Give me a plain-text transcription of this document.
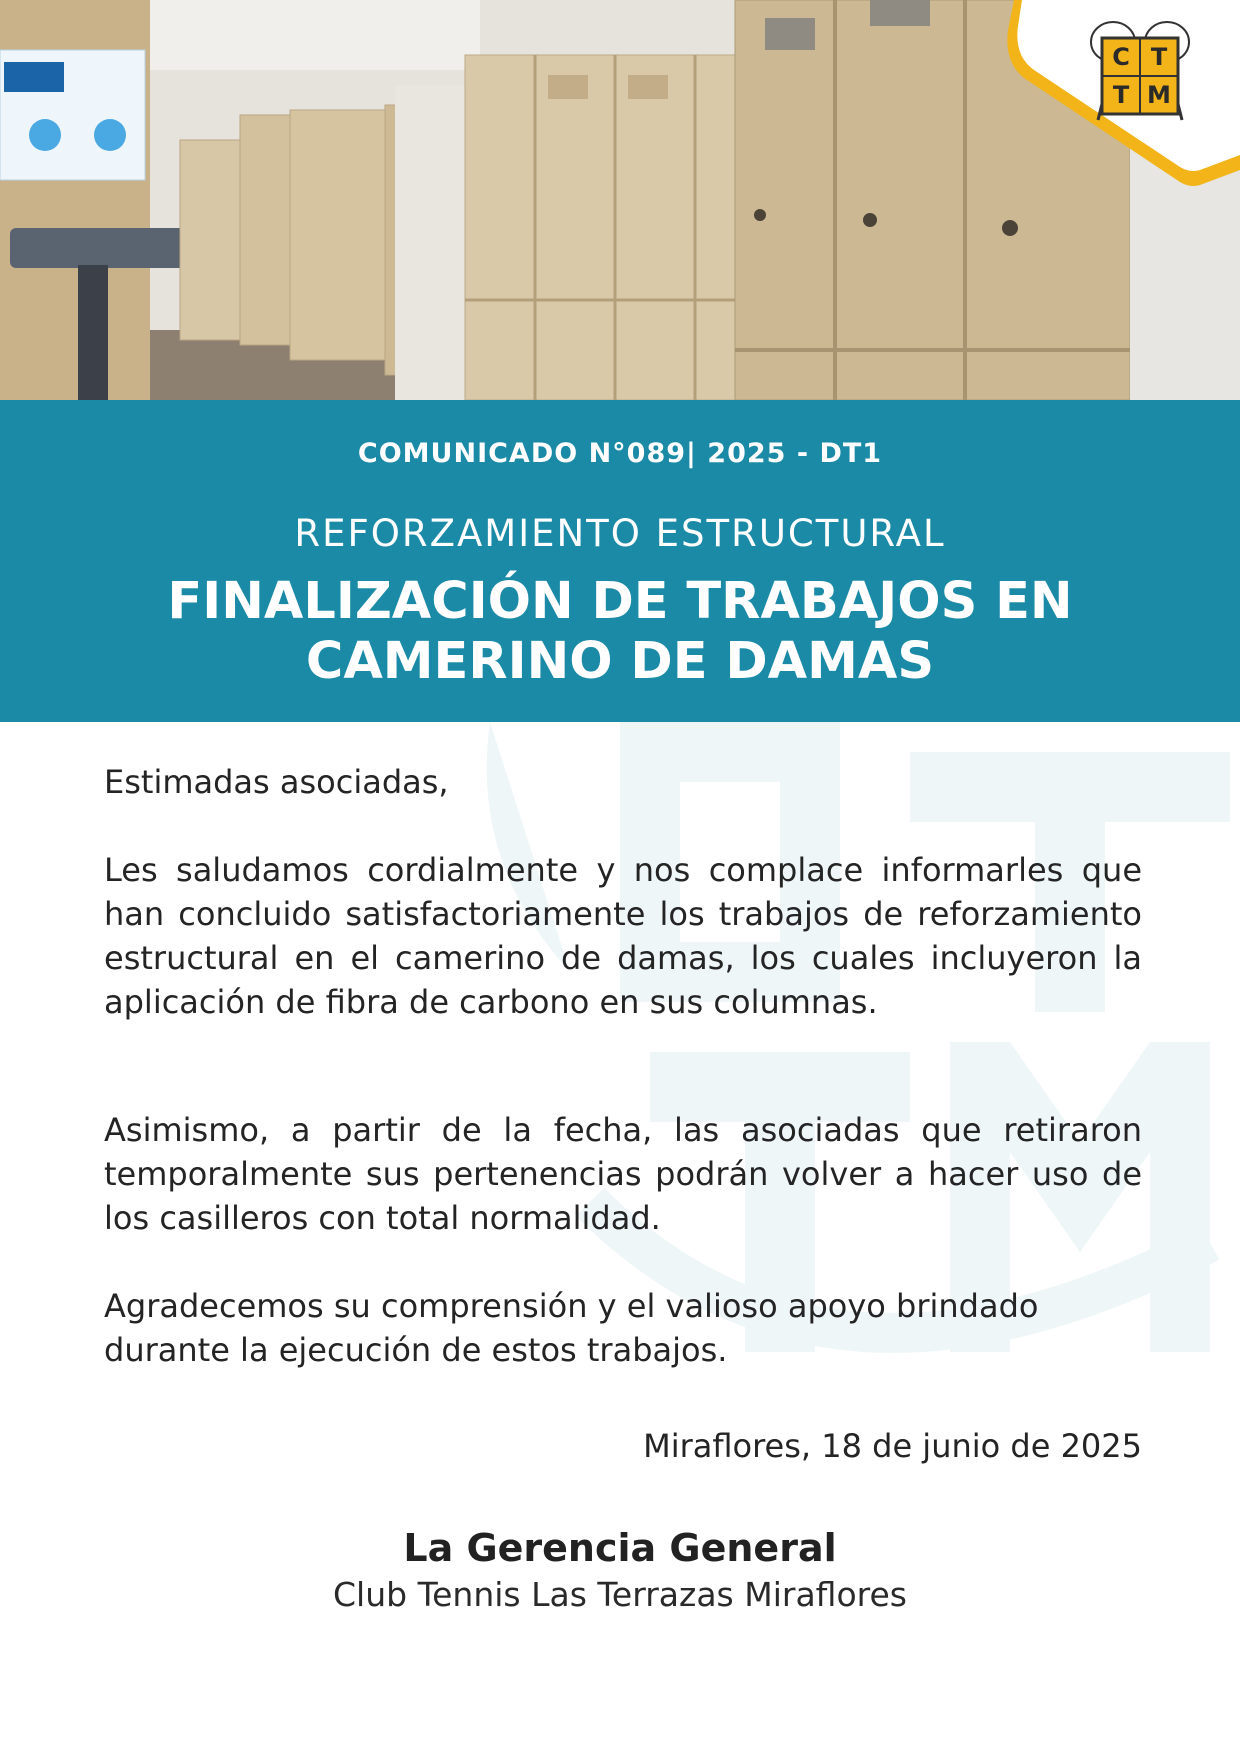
C T
T M
COMUNICADO N°089| 2025 - DT1
REFORZAMIENTO ESTRUCTURAL
FINALIZACIÓN DE TRABAJOS EN
CAMERINO DE DAMAS
Estimadas asociadas,
Les saludamos cordialmente y nos complace informarles que han concluido satisfactoriamente los trabajos de reforzamiento estructural en el camerino de damas, los cuales incluyeron la aplicación de fibra de carbono en sus columnas.
Asimismo, a partir de la fecha, las asociadas que retiraron temporalmente sus pertenencias podrán volver a hacer uso de los casilleros con total normalidad.
Agradecemos su comprensión y el valioso apoyo brindado durante la ejecución de estos trabajos.
Miraflores, 18 de junio de 2025
La Gerencia General
Club Tennis Las Terrazas Miraflores
